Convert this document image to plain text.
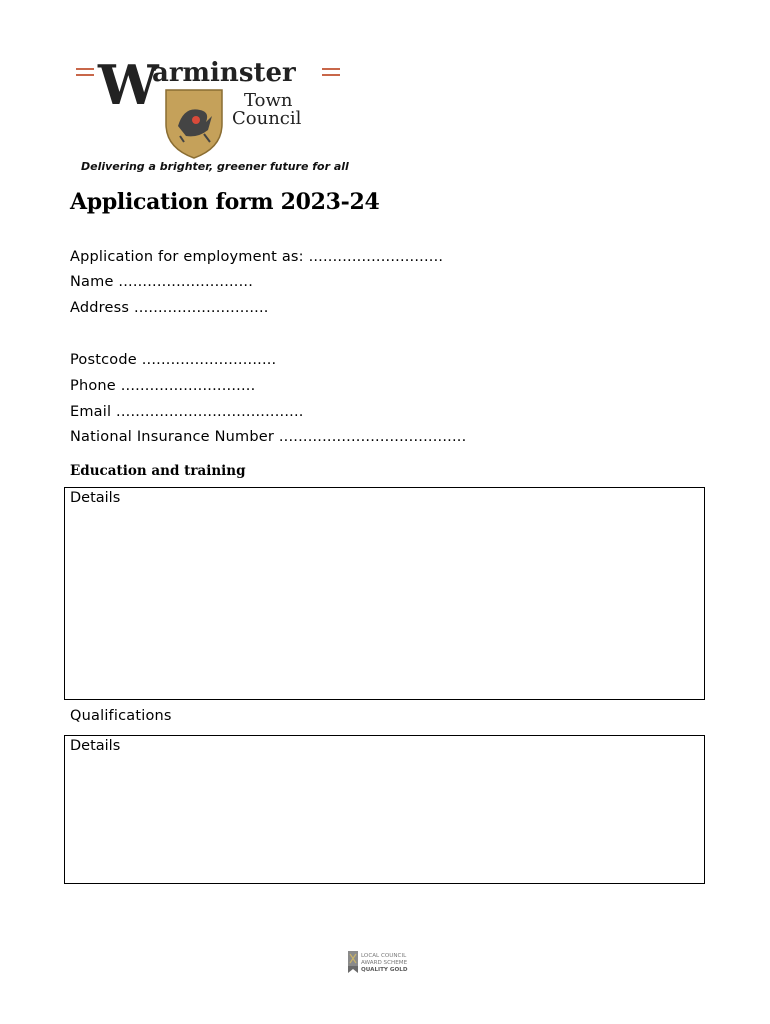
W
arminster
Town
Council
Delivering a brighter, greener future for all
Application form 2023-24
Application for employment as: ............................
Name ............................
Address ............................
Postcode ............................
Phone ............................
Email .......................................
National Insurance Number .......................................
Education and training
Details
Qualifications
Details
LOCAL COUNCIL
AWARD SCHEME
QUALITY GOLD
